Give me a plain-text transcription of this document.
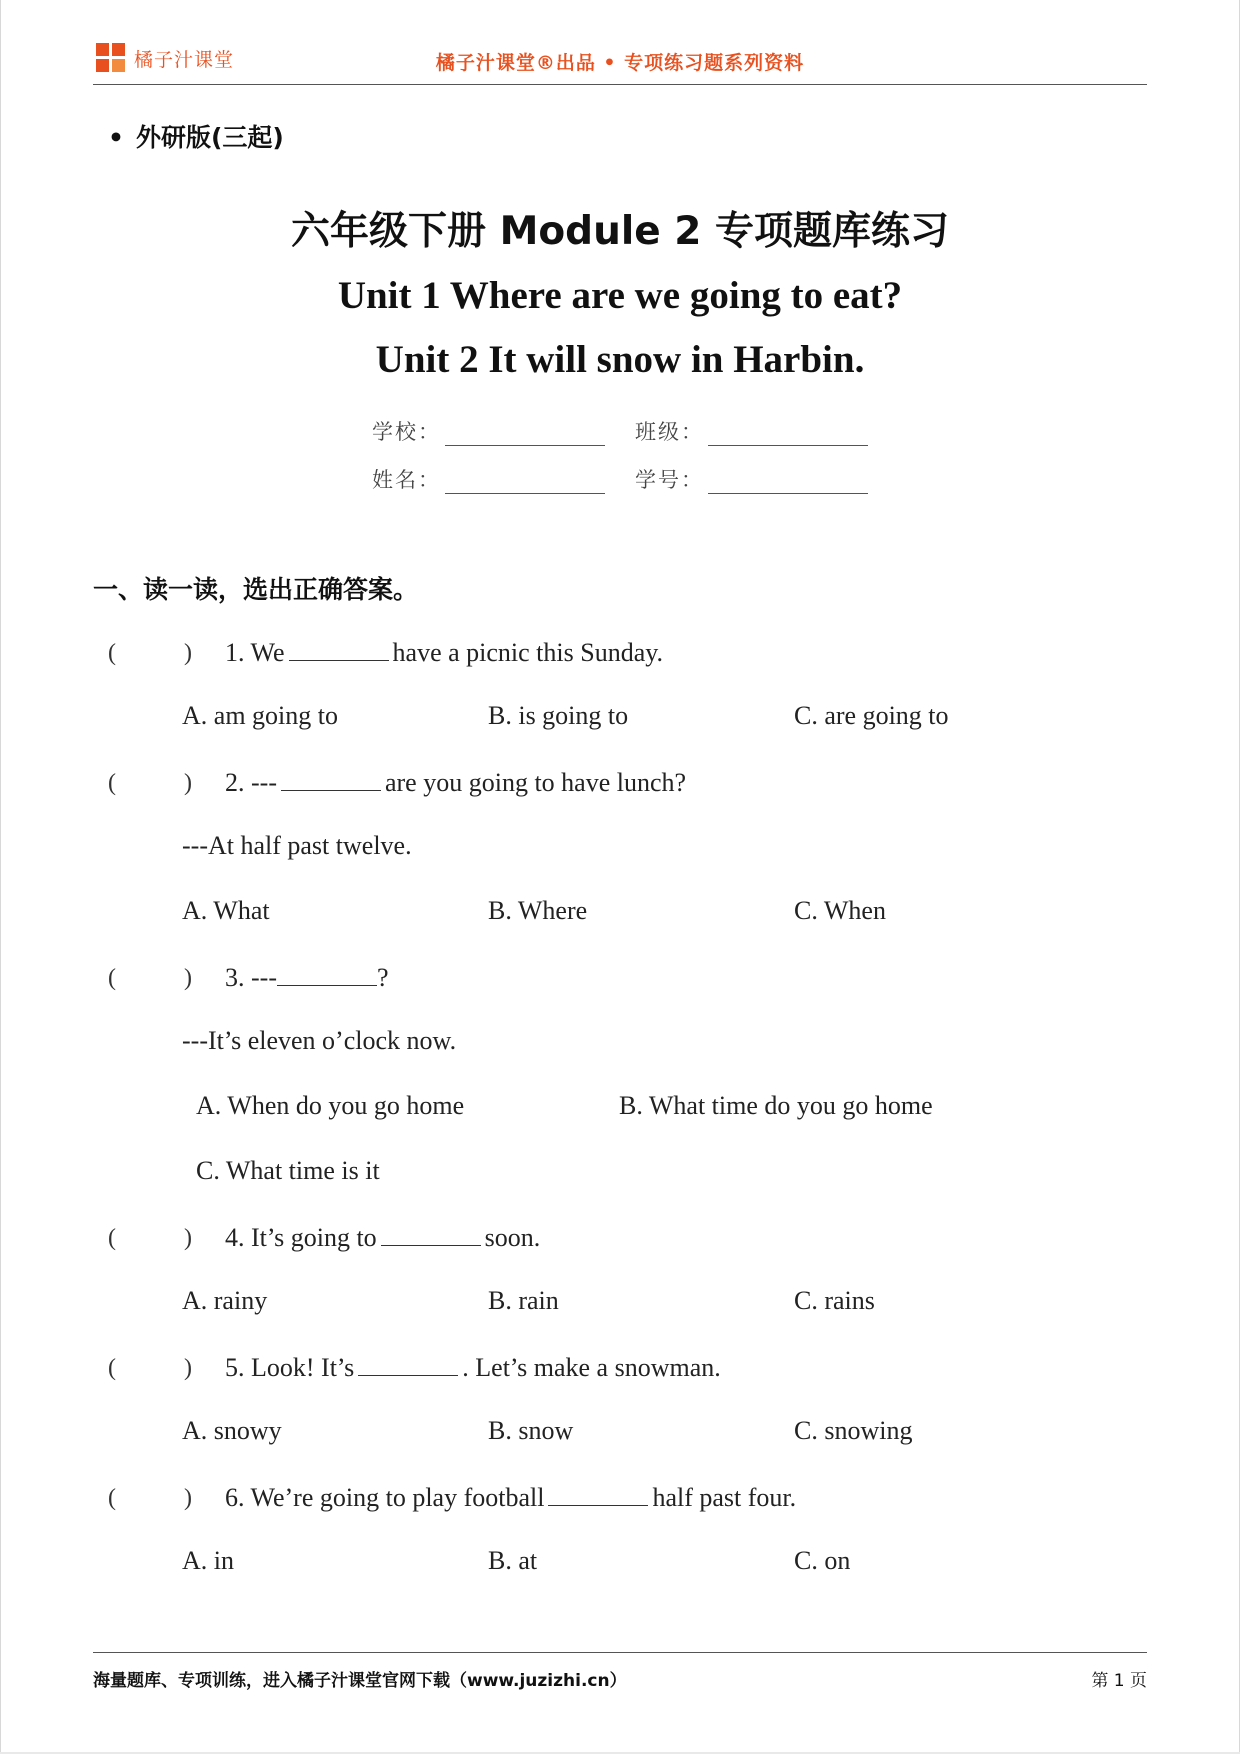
橘子汁课堂	橘子汁课堂®出品 • 专项练习题系列资料
• 外研版(三起)
六年级下册 Module 2 专项题库练习
Unit 1 Where are we going to eat?
Unit 2 It will snow in Harbin.
学校：	班级：
姓名：	学号：
一、读一读，选出正确答案。
(	) 1. We	have a picnic this Sunday.
A. am going to	B. is going to	C. are going to
(	) 2. ---	are you going to have lunch?
---At half past twelve.
A. What	B. Where	C. When
(	) 3. ---	?
---It’s eleven o’clock now.
A. When do you go home	B. What time do you go home
C. What time is it
(	) 4. It’s going to	soon.
A. rainy	B. rain	C. rains
(	) 5. Look! It’s	. Let’s make a snowman.
A. snowy	B. snow	C. snowing
(	) 6. We’re going to play football	half past four.
A. in	B. at	C. on
海量题库、专项训练，进入橘子汁课堂官网下载（www.juzizhi.cn）	第 1 页
